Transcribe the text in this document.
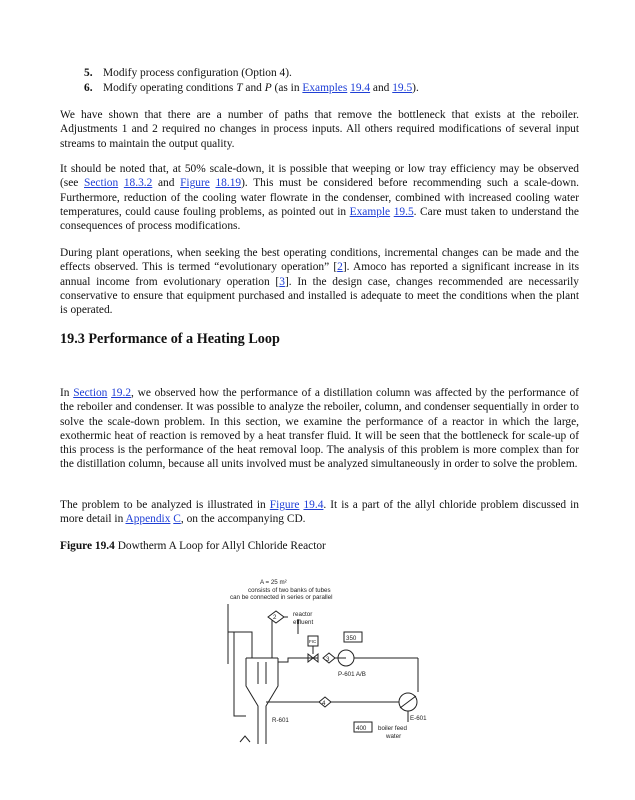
5. Modify process configuration (Option 4).
6. Modify operating conditions T and P (as in Examples 19.4 and 19.5).

We have shown that there are a number of paths that remove the bottleneck that exists at the reboiler. Adjustments 1 and 2 required no changes in process inputs. All others required modifications of several input streams to maintain the output quality.

It should be noted that, at 50% scale-down, it is possible that weeping or low tray efficiency may be observed (see Section 18.3.2 and Figure 18.19). This must be considered before recommending such a scale-down. Furthermore, reduction of the cooling water flowrate in the condenser, combined with increased cooling water temperatures, could cause fouling problems, as pointed out in Example 19.5. Care must taken to understand the consequences of process modifications.

During plant operations, when seeking the best operating conditions, incremental changes can be made and the effects observed. This is termed “evolutionary operation” [2]. Amoco has reported a significant increase in its annual income from evolutionary operation [3]. In the design case, changes recommended are necessarily conservative to ensure that equipment purchased and installed is adequate to meet the conditions when the plant is operated.

19.3 Performance of a Heating Loop

In Section 19.2, we observed how the performance of a distillation column was affected by the performance of the reboiler and condenser. It was possible to analyze the reboiler, column, and condenser sequentially in order to solve the scale-down problem. In this section, we examine the performance of a reactor in which the large, exothermic heat of reaction is removed by a heat transfer fluid. It will be seen that the bottleneck for scale-up of this process is the performance of the heat removal loop. The analysis of this problem is more complex than for the distillation column, because all units involved must be analyzed simultaneously in order to solve the problem.

The problem to be analyzed is illustrated in Figure 19.4. It is a part of the allyl chloride problem discussed in more detail in Appendix C, on the accompanying CD.

Figure 19.4 Dowtherm A Loop for Allyl Chloride Reactor
A = 25 m²
consists of two banks of tubes
can be connected in series or parallel
reactor
effluent
2
3
4
FIC	350
400
P-601 A/B
E-601
R-601
boiler feed
water
